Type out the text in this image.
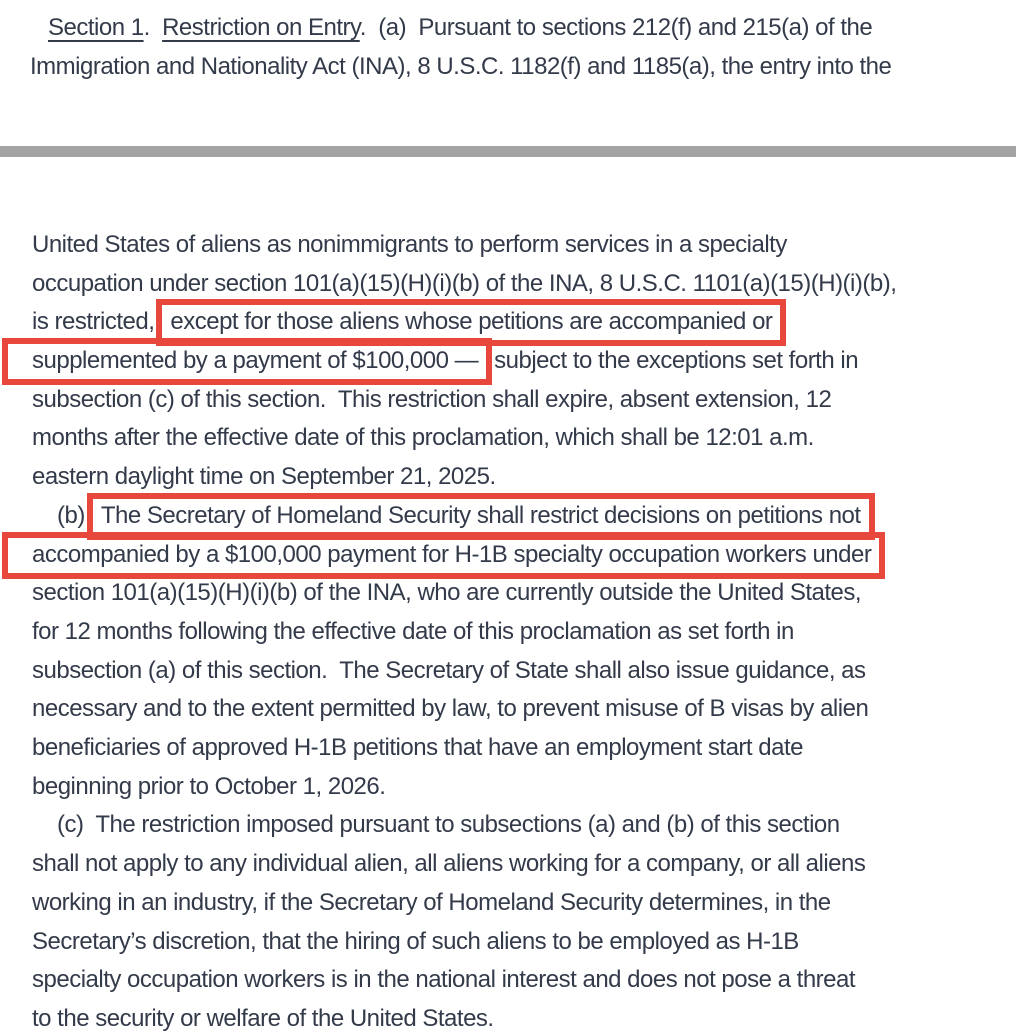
Section 1.  Restriction on Entry.  (a)  Pursuant to sections 212(f) and 215(a) of the
Immigration and Nationality Act (INA), 8 U.S.C. 1182(f) and 1185(a), the entry into the
United States of aliens as nonimmigrants to perform services in a specialty
occupation under section 101(a)(15)(H)(i)(b) of the INA, 8 U.S.C. 1101(a)(15)(H)(i)(b),
is restricted, except for those aliens whose petitions are accompanied or
supplemented by a payment of $100,000 — subject to the exceptions set forth in
subsection (c) of this section.  This restriction shall expire, absent extension, 12
months after the effective date of this proclamation, which shall be 12:01 a.m.
eastern daylight time on September 21, 2025.
(b) The Secretary of Homeland Security shall restrict decisions on petitions not
accompanied by a $100,000 payment for H-1B specialty occupation workers under
section 101(a)(15)(H)(i)(b) of the INA, who are currently outside the United States,
for 12 months following the effective date of this proclamation as set forth in
subsection (a) of this section.  The Secretary of State shall also issue guidance, as
necessary and to the extent permitted by law, to prevent misuse of B visas by alien
beneficiaries of approved H-1B petitions that have an employment start date
beginning prior to October 1, 2026.
(c)  The restriction imposed pursuant to subsections (a) and (b) of this section
shall not apply to any individual alien, all aliens working for a company, or all aliens
working in an industry, if the Secretary of Homeland Security determines, in the
Secretary’s discretion, that the hiring of such aliens to be employed as H-1B
specialty occupation workers is in the national interest and does not pose a threat
to the security or welfare of the United States.
